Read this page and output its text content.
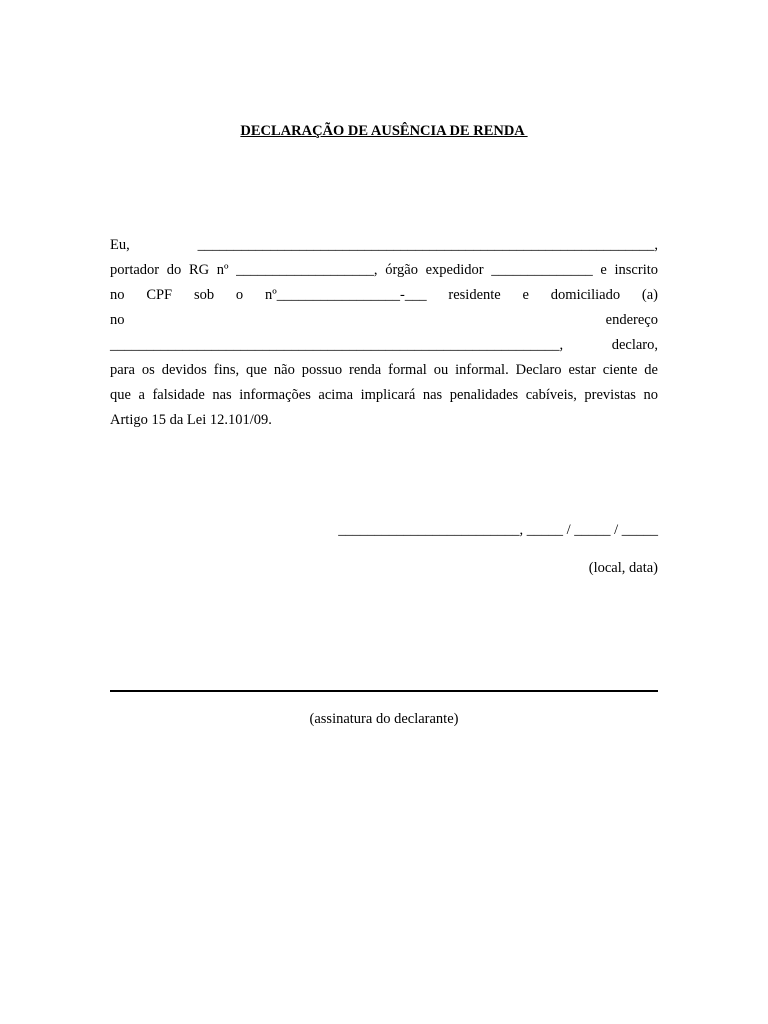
DECLARAÇÃO DE AUSÊNCIA DE RENDA
Eu, _______________________________________________________________,
portador do RG nº ___________________, órgão expedidor ______________ e inscrito
no CPF sob o nº_________________-___ residente e domiciliado (a)
no endereço
______________________________________________________________, declaro,
para os devidos fins, que não possuo renda formal ou informal. Declaro estar ciente de
que a falsidade nas informações acima implicará nas penalidades cabíveis, previstas no
Artigo 15 da Lei 12.101/09.
_________________________, _____ / _____ / _____
(local, data)
(assinatura do declarante)
